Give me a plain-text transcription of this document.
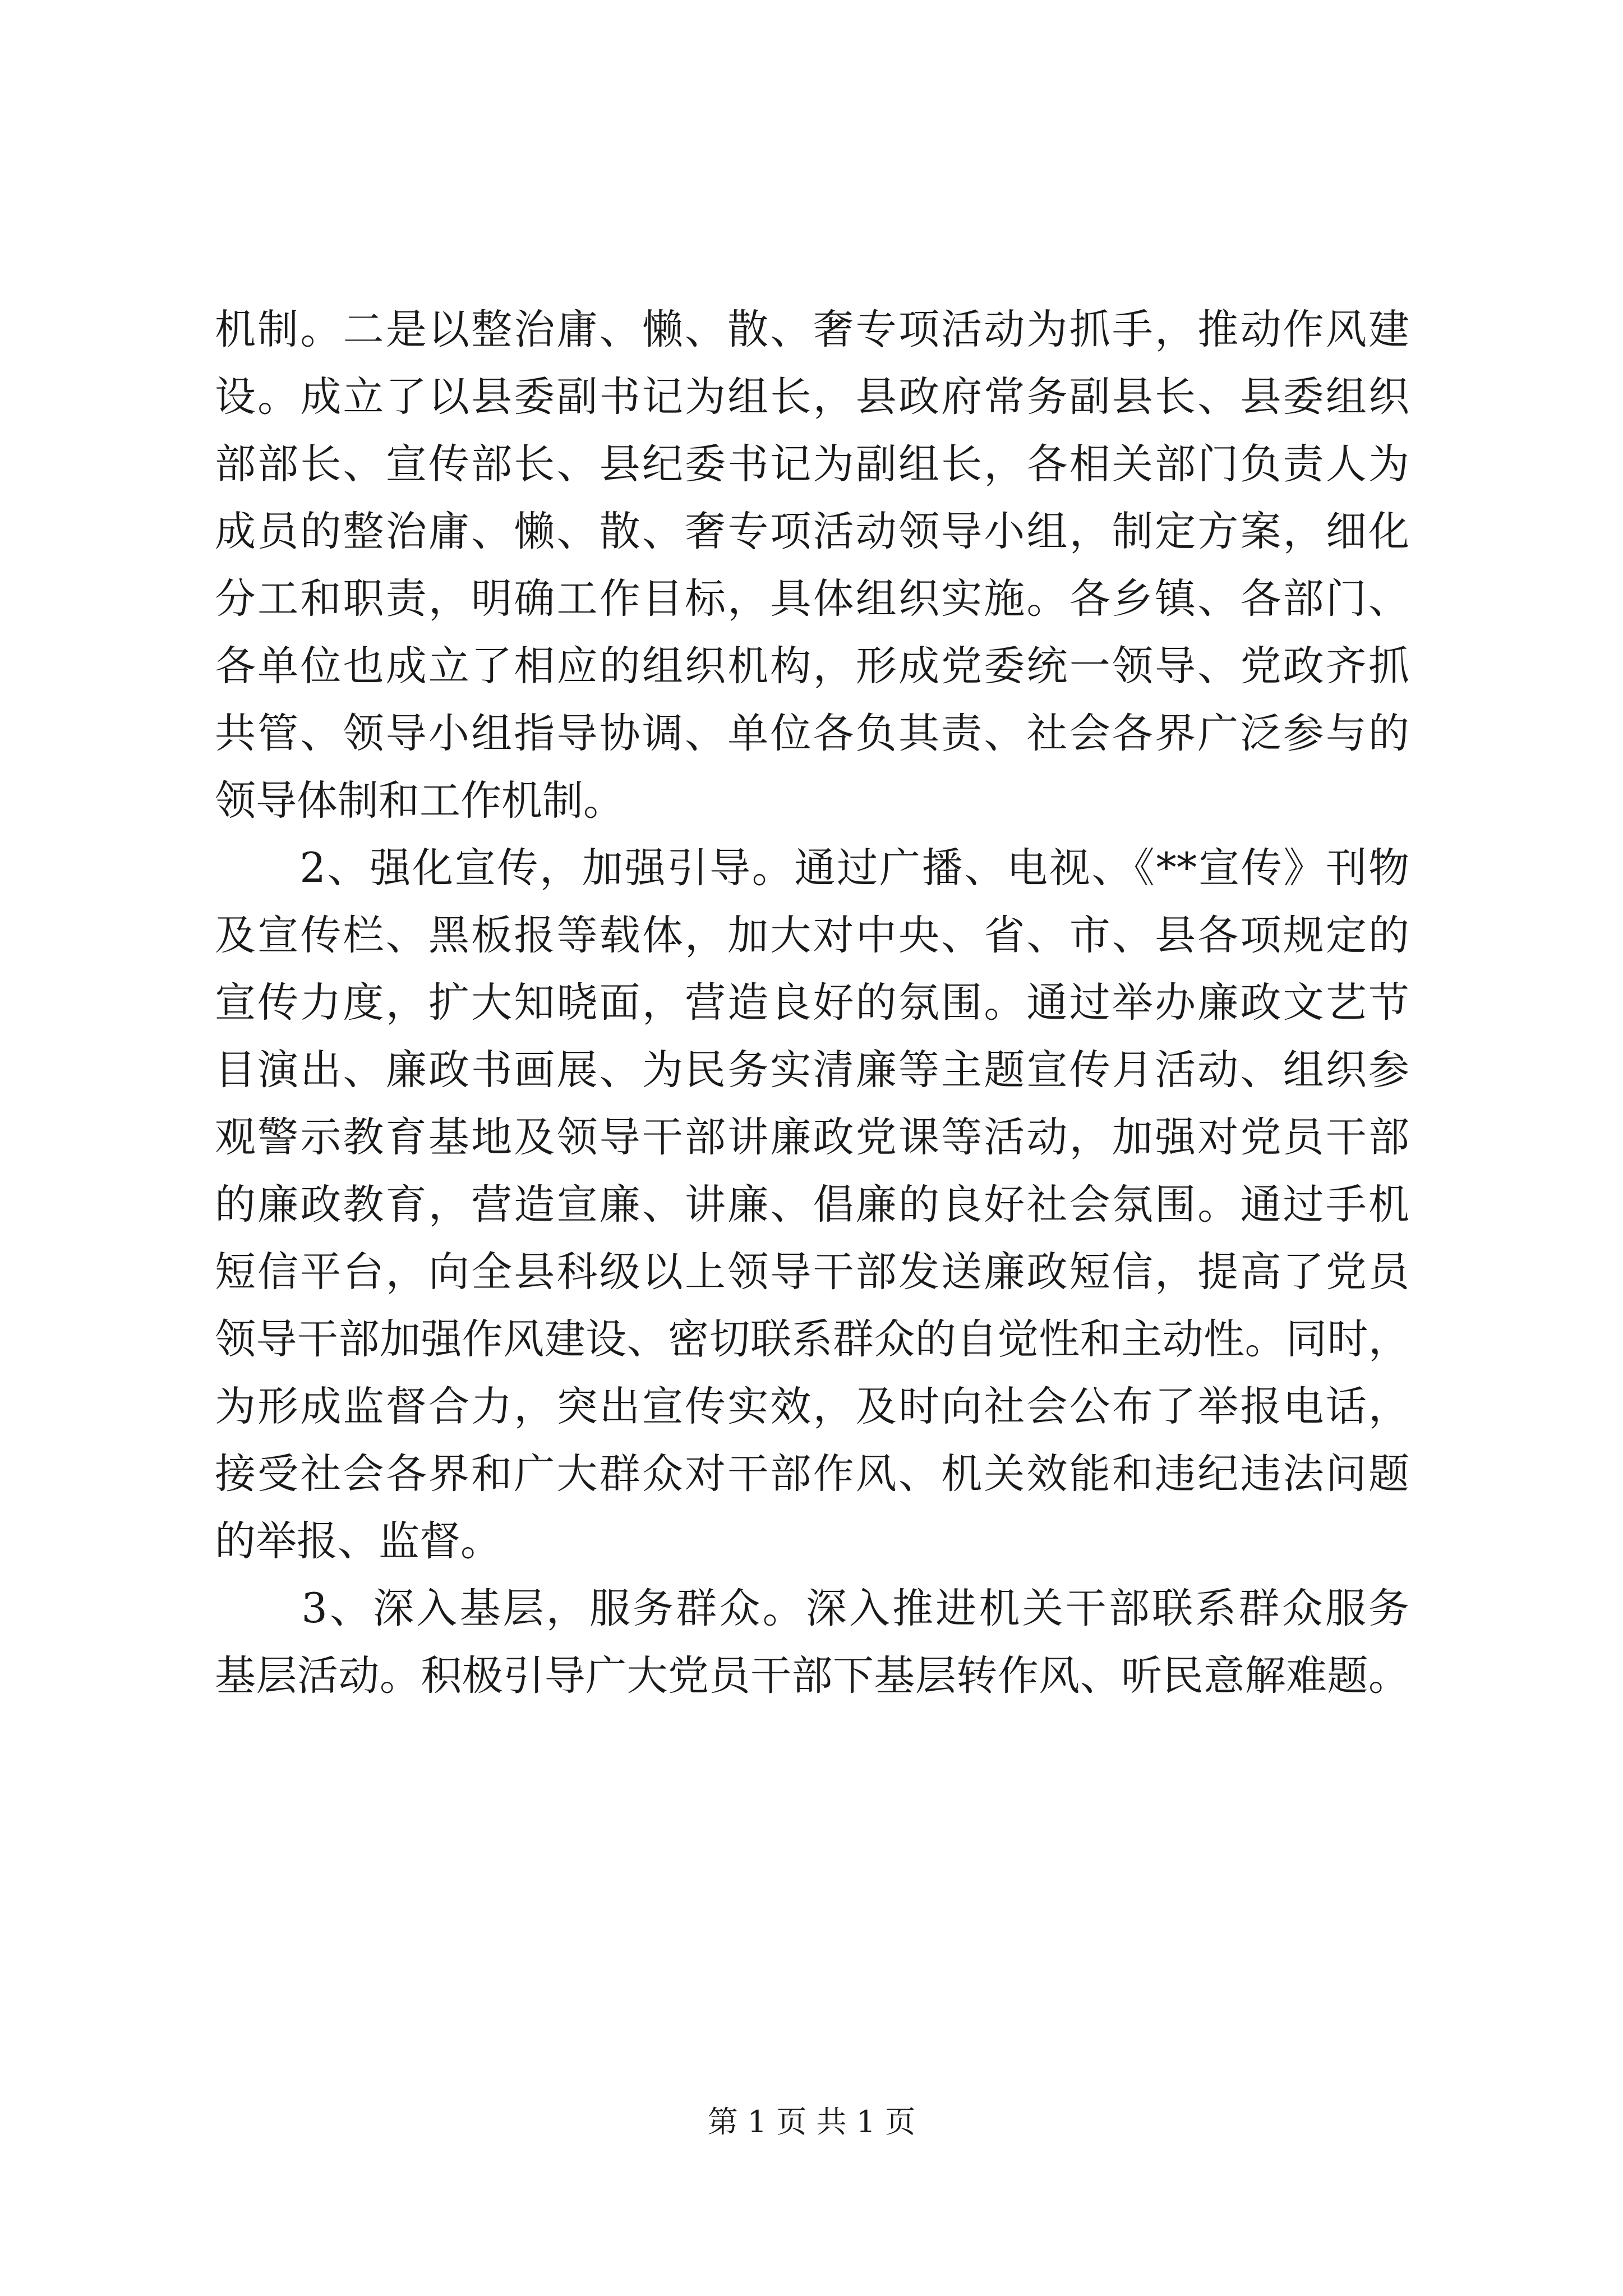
机制。二是以整治庸、懒、散、奢专项活动为抓手，推动作风建
设。成立了以县委副书记为组长，县政府常务副县长、县委组织
部部长、宣传部长、县纪委书记为副组长，各相关部门负责人为
成员的整治庸、懒、散、奢专项活动领导小组，制定方案，细化
分工和职责，明确工作目标，具体组织实施。各乡镇、各部门、
各单位也成立了相应的组织机构，形成党委统一领导、党政齐抓
共管、领导小组指导协调、单位各负其责、社会各界广泛参与的
领导体制和工作机制。
　　2、强化宣传，加强引导。通过广播、电视、《**宣传》刊物
及宣传栏、黑板报等载体，加大对中央、省、市、县各项规定的
宣传力度，扩大知晓面，营造良好的氛围。通过举办廉政文艺节
目演出、廉政书画展、为民务实清廉等主题宣传月活动、组织参
观警示教育基地及领导干部讲廉政党课等活动，加强对党员干部
的廉政教育，营造宣廉、讲廉、倡廉的良好社会氛围。通过手机
短信平台，向全县科级以上领导干部发送廉政短信，提高了党员
领导干部加强作风建设、密切联系群众的自觉性和主动性。同时，
为形成监督合力，突出宣传实效，及时向社会公布了举报电话，
接受社会各界和广大群众对干部作风、机关效能和违纪违法问题
的举报、监督。
　　3、深入基层，服务群众。深入推进机关干部联系群众服务
基层活动。积极引导广大党员干部下基层转作风、听民意解难题。
第 1 页 共 1 页
